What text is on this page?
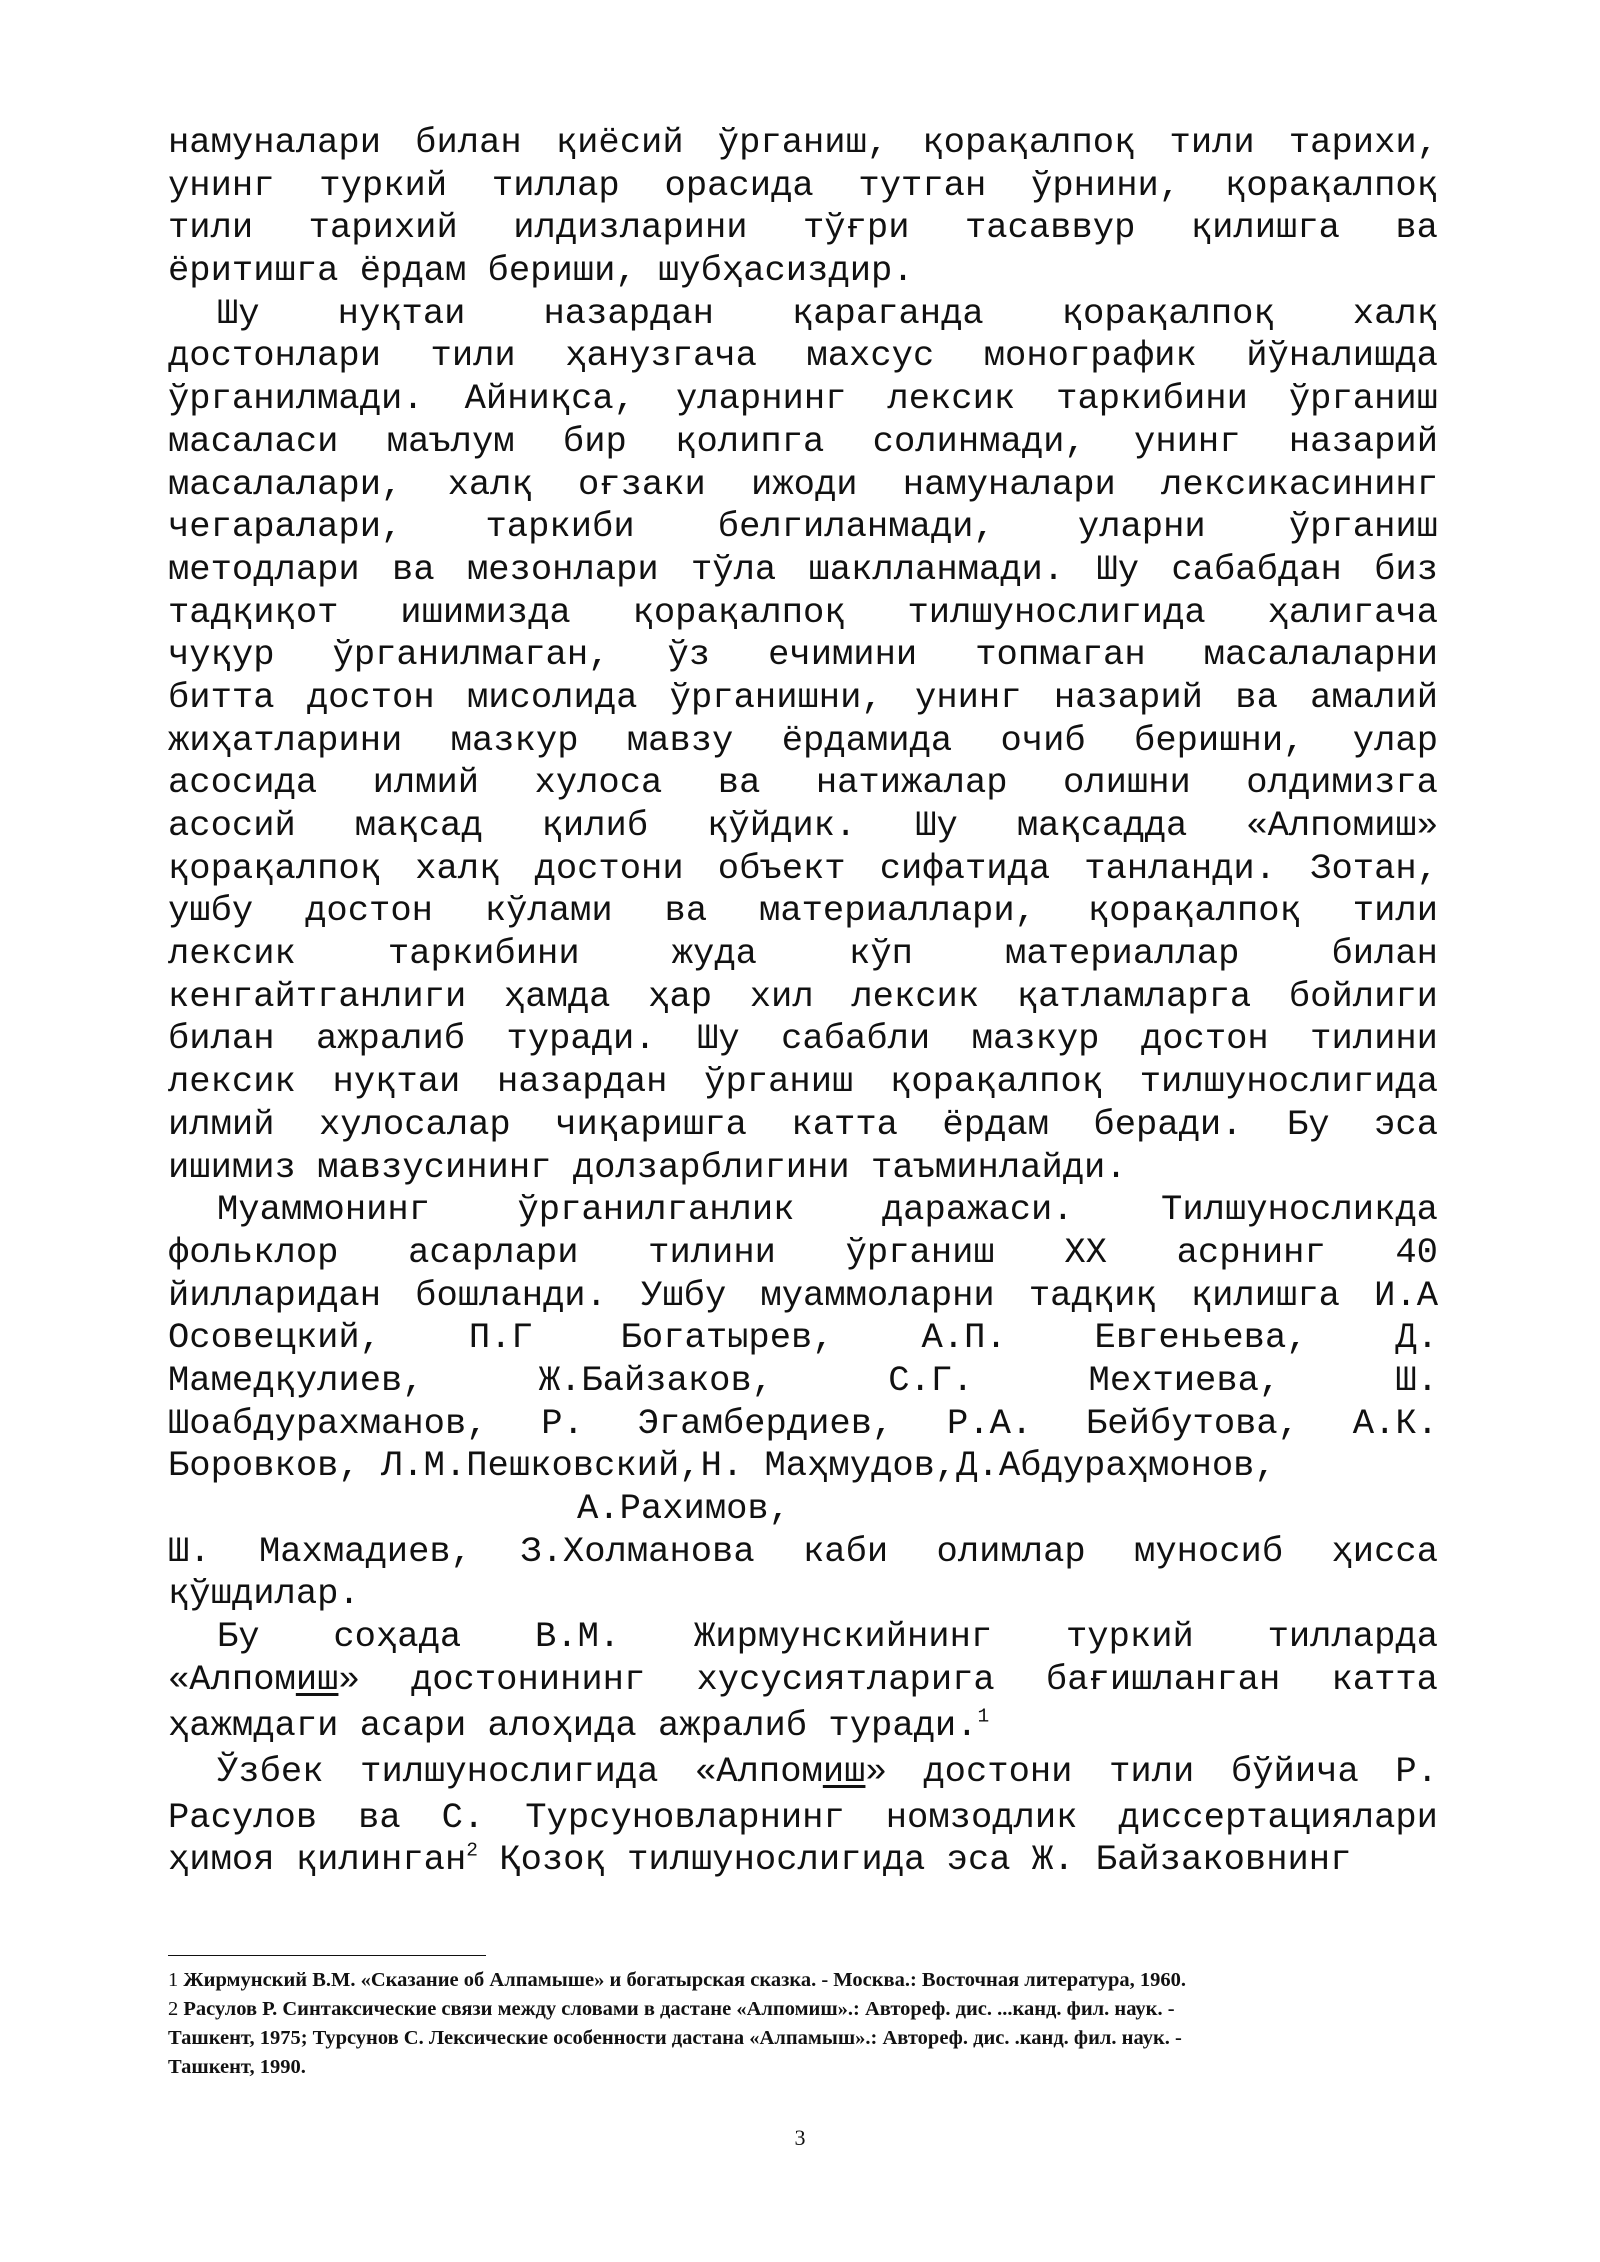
намуналари билан қиёсий ўрганиш, қорақалпоқ тили тарихи,
унинг туркий тиллар орасида тутган ўрнини, қорақалпоқ
тили тарихий илдизларини тўғри тасаввур қилишга ва
ёритишга ёрдам бериши, шубҳасиздир.
Шу нуқтаи назардан қараганда қорақалпоқ халқ
достонлари тили ҳанузгача махсус монографик йўналишда
ўрганилмади. Айниқса, уларнинг лексик таркибини ўрганиш
масаласи маълум бир қолипга солинмади, унинг назарий
масалалари, халқ оғзаки ижоди намуналари лексикасининг
чегаралари, таркиби белгиланмади, уларни ўрганиш
методлари ва мезонлари тўла шаклланмади. Шу сабабдан биз
тадқиқот ишимизда қорақалпоқ тилшунослигида ҳалигача
чуқур ўрганилмаган, ўз ечимини топмаган масалаларни
битта достон мисолида ўрганишни, унинг назарий ва амалий
жиҳатларини мазкур мавзу ёрдамида очиб беришни, улар
асосида илмий хулоса ва натижалар олишни олдимизга
асосий мақсад қилиб қўйдик. Шу мақсадда «Алпомиш»
қорақалпоқ халқ достони объект сифатида танланди. Зотан,
ушбу достон кўлами ва материаллари, қорақалпоқ тили
лексик таркибини жуда кўп материаллар билан
кенгайтганлиги ҳамда ҳар хил лексик қатламларга бойлиги
билан ажралиб туради. Шу сабабли мазкур достон тилини
лексик нуқтаи назардан ўрганиш қорақалпоқ тилшунослигида
илмий хулосалар чиқаришга катта ёрдам беради. Бу эса
ишимиз мавзусининг долзарблигини таъминлайди.
Муаммонинг ўрганилганлик даражаси. Тилшуносликда
фольклор асарлари тилини ўрганиш XX асрнинг 40
йилларидан бошланди. Ушбу муаммоларни тадқиқ қилишга И.А
Осовецкий, П.Г Богатырев, А.П. Евгеньева, Д.
Мамедқулиев, Ж.Байзаков, С.Г. Мехтиева, Ш.
Шоабдурахманов, Р. Эгамбердиев, Р.А. Бейбутова, А.К.
Боровков, Л.М.Пешковский,Н. Маҳмудов,Д.Абдураҳмонов,
А.Рахимов,
Ш. Махмадиев, З.Холманова каби олимлар муносиб ҳисса
қўшдилар.
Бу соҳада В.М. Жирмунскийнинг туркий тилларда
«Алпомиш» достонининг хусусиятларига бағишланган катта
ҳажмдаги асари алоҳида ажралиб туради.$^1$
Ўзбек тилшунослигида «Алпомиш» достони тили бўйича Р.
Расулов ва С. Турсуновларнинг номзодлик диссертациялари
ҳимоя қилинган$^2$ Қозоқ тилшунослигида эса Ж. Байзаковнинг
1 Жирмунский В.М. «Сказание об Алпамыше» и богатырская сказка. - Москва.: Восточная литература, 1960.
2 Расулов Р. Синтаксические связи между словами в дастане «Алпомиш».: Автореф. дис. ...канд. фил. наук. -
Ташкент, 1975; Турсунов С. Лексические особенности дастана «Алпамыш».: Автореф. дис. .канд. фил. наук. -
Ташкент, 1990.
3
